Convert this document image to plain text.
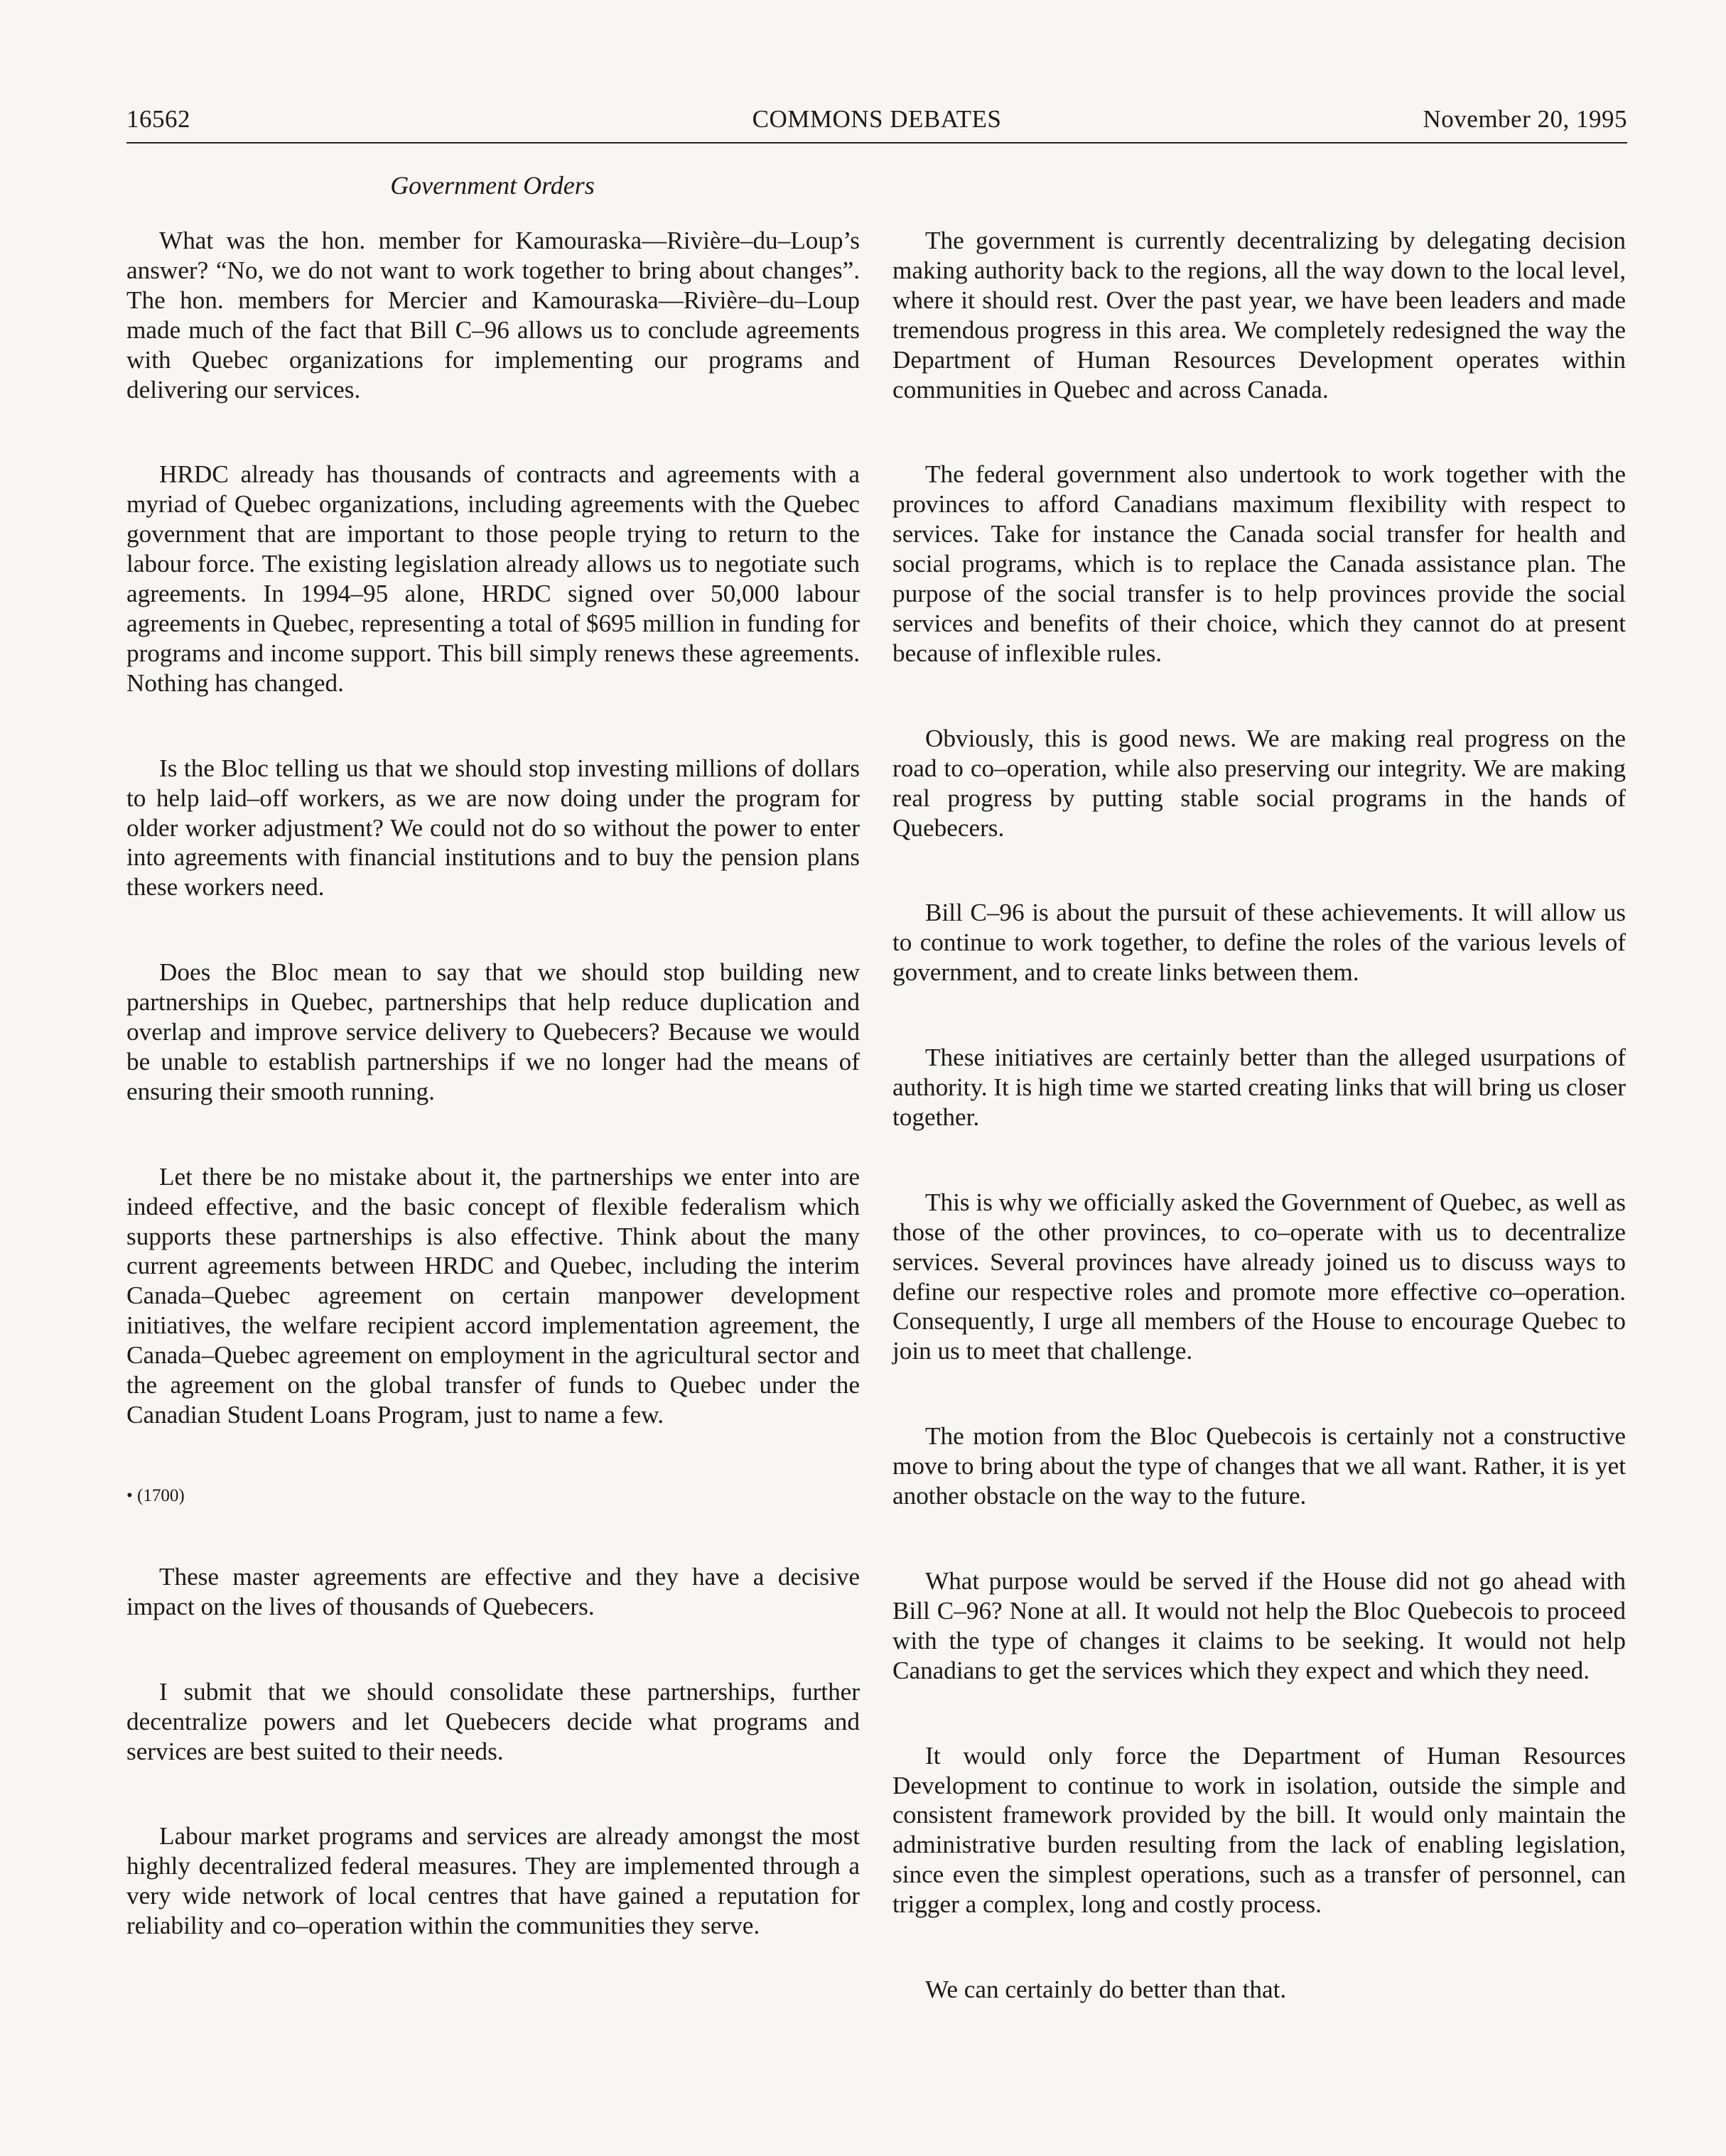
16562	COMMONS DEBATES	November 20, 1995
Government Orders

What was the hon. member for Kamouraska—Rivière–du–Loup’s answer? “No, we do not want to work together to bring about changes”. The hon. members for Mercier and Kamouraska—Rivière–du–Loup made much of the fact that Bill C–96 allows us to conclude agreements with Quebec organizations for implementing our programs and delivering our services.

HRDC already has thousands of contracts and agreements with a myriad of Quebec organizations, including agreements with the Quebec government that are important to those people trying to return to the labour force. The existing legislation already allows us to negotiate such agreements. In 1994–95 alone, HRDC signed over 50,000 labour agreements in Quebec, representing a total of $695 million in funding for programs and income support. This bill simply renews these agreements. Nothing has changed.

Is the Bloc telling us that we should stop investing millions of dollars to help laid–off workers, as we are now doing under the program for older worker adjustment? We could not do so without the power to enter into agreements with financial institutions and to buy the pension plans these workers need.

Does the Bloc mean to say that we should stop building new partnerships in Quebec, partnerships that help reduce duplication and overlap and improve service delivery to Quebecers? Because we would be unable to establish partnerships if we no longer had the means of ensuring their smooth running.

Let there be no mistake about it, the partnerships we enter into are indeed effective, and the basic concept of flexible federalism which supports these partnerships is also effective. Think about the many current agreements between HRDC and Quebec, including the interim Canada–Quebec agreement on certain manpower development initiatives, the welfare recipient accord implementation agreement, the Canada–Quebec agreement on employment in the agricultural sector and the agreement on the global transfer of funds to Quebec under the Canadian Student Loans Program, just to name a few.

• (1700)

These master agreements are effective and they have a decisive impact on the lives of thousands of Quebecers.

I submit that we should consolidate these partnerships, further decentralize powers and let Quebecers decide what programs and services are best suited to their needs.

Labour market programs and services are already amongst the most highly decentralized federal measures. They are implemented through a very wide network of local centres that have gained a reputation for reliability and co–operation within the communities they serve.

The government is currently decentralizing by delegating decision making authority back to the regions, all the way down to the local level, where it should rest. Over the past year, we have been leaders and made tremendous progress in this area. We completely redesigned the way the Department of Human Resources Development operates within communities in Quebec and across Canada.

The federal government also undertook to work together with the provinces to afford Canadians maximum flexibility with respect to services. Take for instance the Canada social transfer for health and social programs, which is to replace the Canada assistance plan. The purpose of the social transfer is to help provinces provide the social services and benefits of their choice, which they cannot do at present because of inflexible rules.

Obviously, this is good news. We are making real progress on the road to co–operation, while also preserving our integrity. We are making real progress by putting stable social programs in the hands of Quebecers.

Bill C–96 is about the pursuit of these achievements. It will allow us to continue to work together, to define the roles of the various levels of government, and to create links between them.

These initiatives are certainly better than the alleged usurpations of authority. It is high time we started creating links that will bring us closer together.

This is why we officially asked the Government of Quebec, as well as those of the other provinces, to co–operate with us to decentralize services. Several provinces have already joined us to discuss ways to define our respective roles and promote more effective co–operation. Consequently, I urge all members of the House to encourage Quebec to join us to meet that challenge.

The motion from the Bloc Quebecois is certainly not a constructive move to bring about the type of changes that we all want. Rather, it is yet another obstacle on the way to the future.

What purpose would be served if the House did not go ahead with Bill C–96? None at all. It would not help the Bloc Quebecois to proceed with the type of changes it claims to be seeking. It would not help Canadians to get the services which they expect and which they need.

It would only force the Department of Human Resources Development to continue to work in isolation, outside the simple and consistent framework provided by the bill. It would only maintain the administrative burden resulting from the lack of enabling legislation, since even the simplest operations, such as a transfer of personnel, can trigger a complex, long and costly process.

We can certainly do better than that.
